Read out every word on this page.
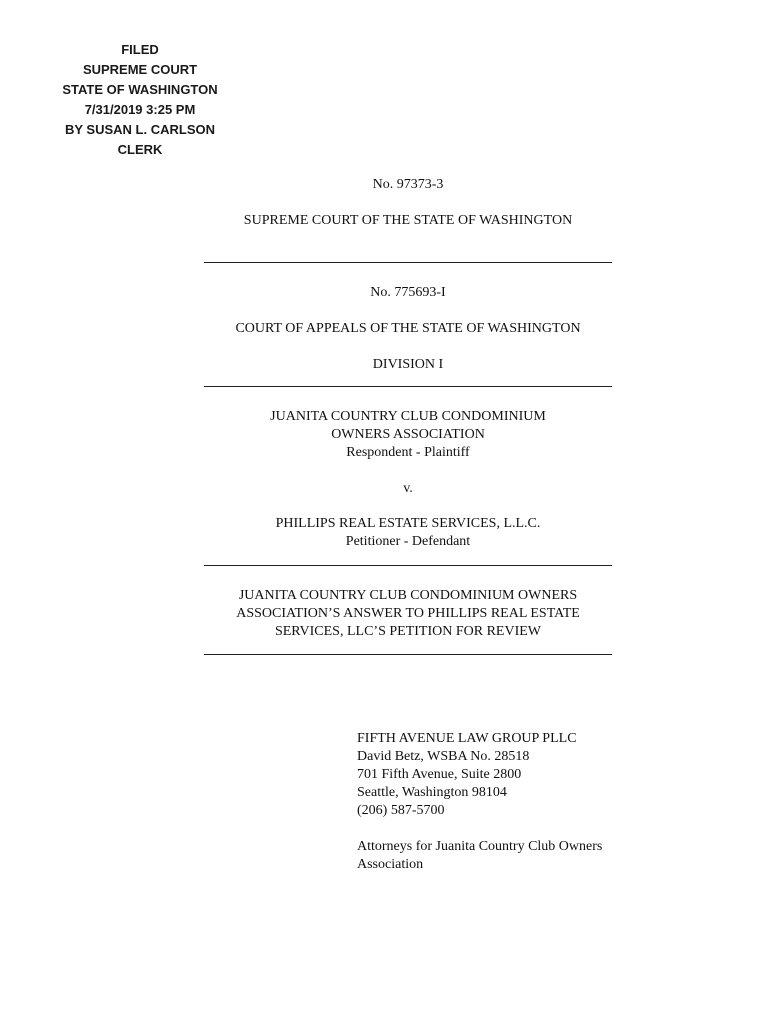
FILED
SUPREME COURT
STATE OF WASHINGTON
7/31/2019 3:25 PM
BY SUSAN L. CARLSON
CLERK
No. 97373-3
SUPREME COURT OF THE STATE OF WASHINGTON
No. 775693-I
COURT OF APPEALS OF THE STATE OF WASHINGTON
DIVISION I
JUANITA COUNTRY CLUB CONDOMINIUM
OWNERS ASSOCIATION
Respondent - Plaintiff
v.
PHILLIPS REAL ESTATE SERVICES, L.L.C.
Petitioner - Defendant
JUANITA COUNTRY CLUB CONDOMINIUM OWNERS
ASSOCIATION’S ANSWER TO PHILLIPS REAL ESTATE
SERVICES, LLC’S PETITION FOR REVIEW
FIFTH AVENUE LAW GROUP PLLC
David Betz, WSBA No. 28518
701 Fifth Avenue, Suite 2800
Seattle, Washington 98104
(206) 587-5700
Attorneys for Juanita Country Club Owners
Association
